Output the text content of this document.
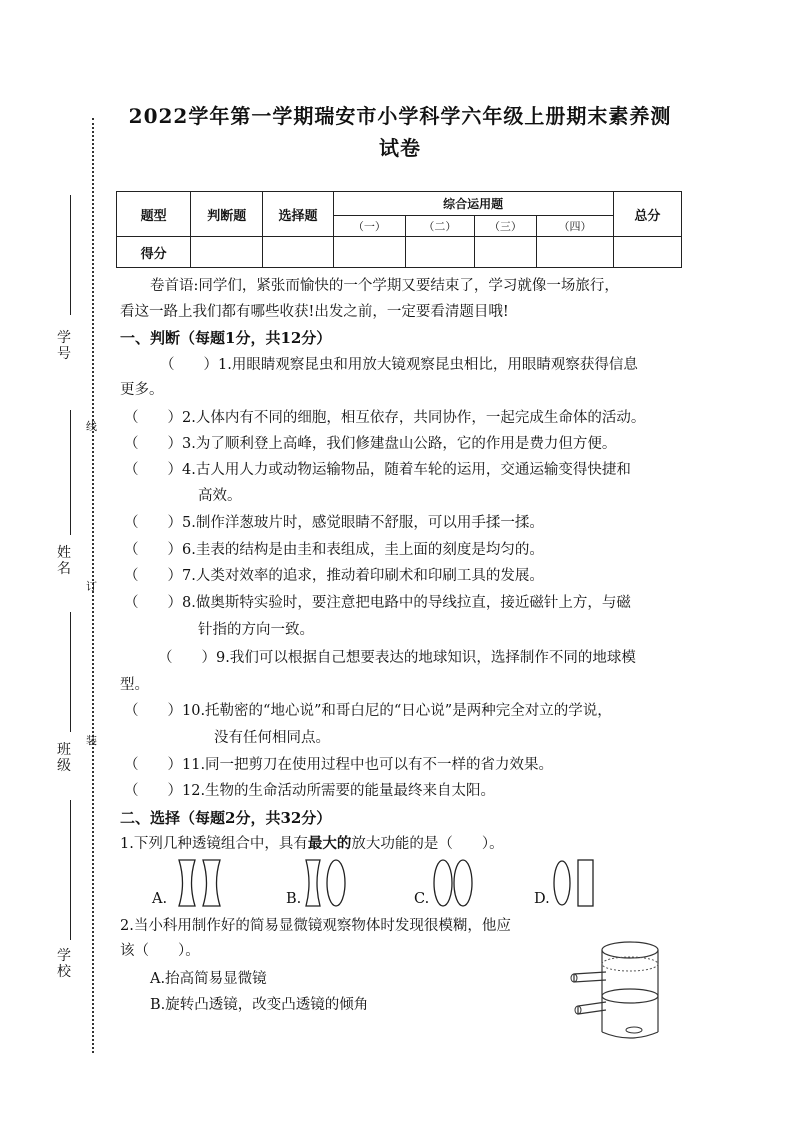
2022学年第一学期瑞安市小学科学六年级上册期末素养测
试卷
学号
姓名
班级
学校
线
订
装
题型	判断题	选择题	综合运用题				总分
			（一）	（二）	（三）	（四）	
得分							
卷首语:同学们，紧张而愉快的一个学期又要结束了，学习就像一场旅行，
看这一路上我们都有哪些收获!出发之前，一定要看清题目哦!
一、判断（每题1分，共12分）
（　　）1.用眼睛观察昆虫和用放大镜观察昆虫相比，用眼睛观察获得信息
更多。
（　　）2.人体内有不同的细胞，相互依存，共同协作，一起完成生命体的活动。
（　　）3.为了顺利登上高峰，我们修建盘山公路，它的作用是费力但方便。
（　　）4.古人用人力或动物运输物品，随着车轮的运用，交通运输变得快捷和
高效。
（　　）5.制作洋葱玻片时，感觉眼睛不舒服，可以用手揉一揉。
（　　）6.圭表的结构是由圭和表组成，圭上面的刻度是均匀的。
（　　）7.人类对效率的追求，推动着印刷术和印刷工具的发展。
（　　）8.做奥斯特实验时，要注意把电路中的导线拉直，接近磁针上方，与磁
针指的方向一致。
（　　）9.我们可以根据自己想要表达的地球知识，选择制作不同的地球模
型。
（　　）10.托勒密的“地心说”和哥白尼的“日心说”是两种完全对立的学说，
没有任何相同点。
（　　）11.同一把剪刀在使用过程中也可以有不一样的省力效果。
（　　）12.生物的生命活动所需要的能量最终来自太阳。
二、选择（每题2分，共32分）
1.下列几种透镜组合中，具有最大的放大功能的是（　　）。
A.	B.	C.	D.
2.当小科用制作好的简易显微镜观察物体时发现很模糊，他应
该（　　）。
A.抬高简易显微镜
B.旋转凸透镜，改变凸透镜的倾角
